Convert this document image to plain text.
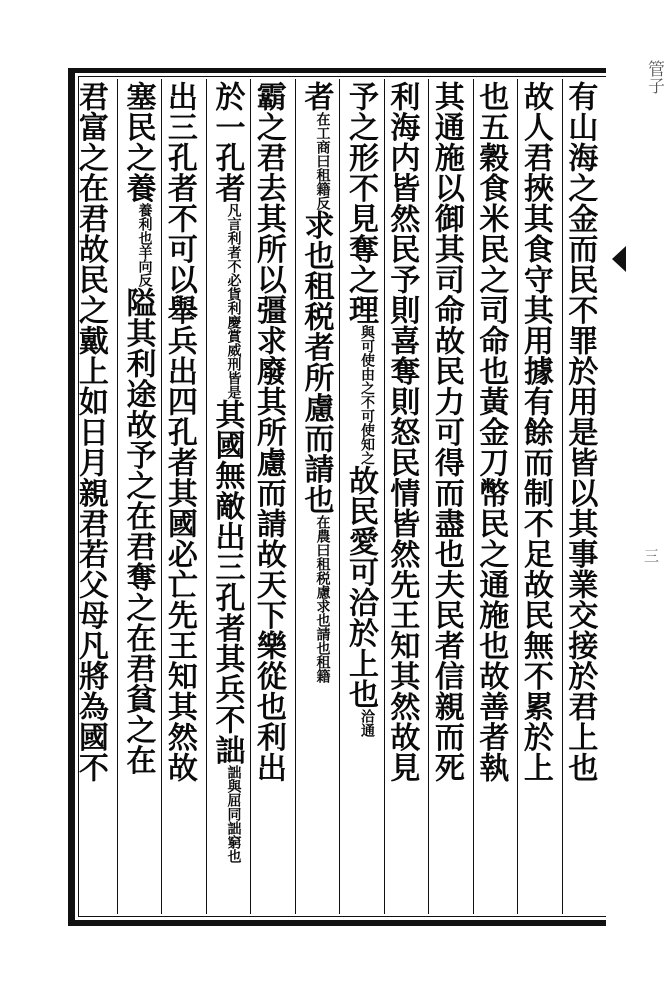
有山海之金而民不罪於用是皆以其事業交接於君上也
故人君挾其食守其用據有餘而制不足故民無不累於上
也五穀食米民之司命也黃金刀幣民之通施也故善者執
其通施以御其司命故民力可得而盡也夫民者信親而死
利海内皆然民予則喜奪則怒民情皆然先王知其然故見
予之形不見奪之理與可使由之不可使知之故民愛可洽於上也洽通
者在工商曰租籍反求也租税者所慮而請也在農曰租税慮求也請也租籍
霸之君去其所以彊求廢其所慮而請故天下樂從也利出
於一孔者凡言利者不必貨利慶賞威刑皆是其國無敵出三孔者其兵不詘詘與屈同詘窮也
出三孔者不可以舉兵出四孔者其國必亡先王知其然故
塞民之養養利也羊向反隘其利途故予之在君奪之在君貧之在
君富之在君故民之戴上如日月親君若父母凡將為國不
管子
三
